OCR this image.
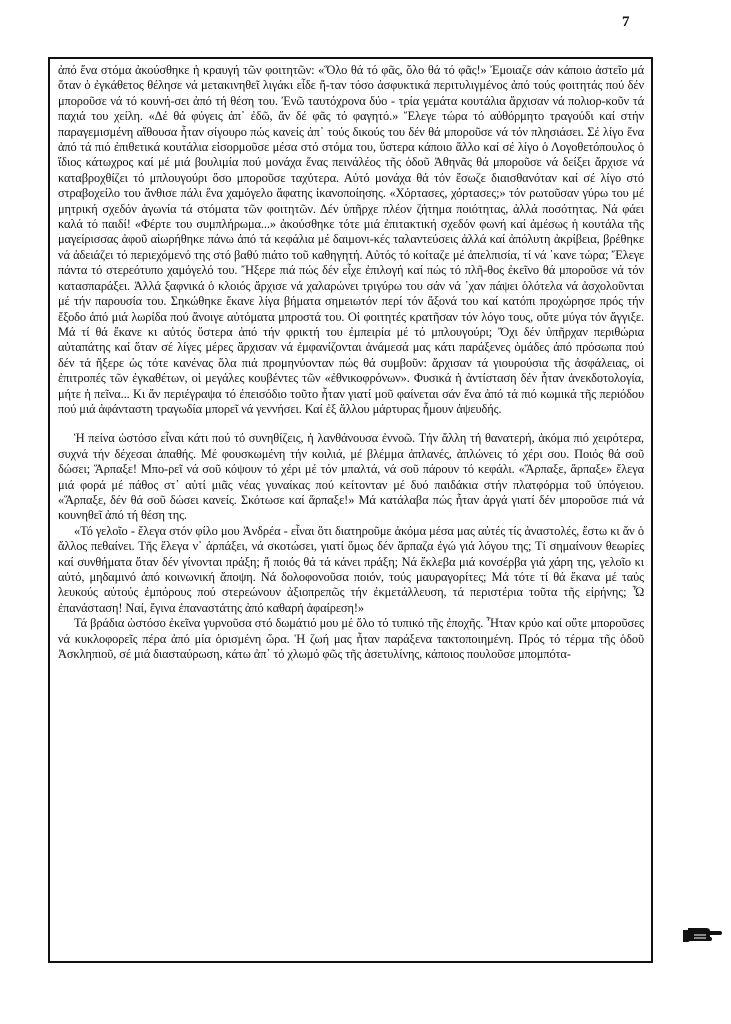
7

ἀπό ἕνα στόμα ἀκούσθηκε ἡ κραυγή τῶν φοιτητῶν: «Ὅλο θά τό φᾶς, ὅλο θά τό φᾶς!» Ἐμοιαζε σάν κάποιο ἀστεῖο μά ὅταν ὁ ἐγκάθετος θέλησε νά μετακινηθεῖ λιγάκι εἶδε ἤ-ταν τόσο ἀσφυκτικά περιτυλιγμένος ἀπό τούς φοιτητάς πού δέν μποροῦσε νά τό κουνή-σει ἀπό τή θέση του. Ἐνῶ ταυτόχρονα δύο - τρία γεμάτα κουτάλια ἄρχισαν νά πολιορ-κοῦν τά παχιά του χείλη. «Δέ θά φύγεις ἀπ᾽ ἐδῶ, ἄν δέ φᾶς τό φαγητό.» Ἔλεγε τώρα τό αὐθόρμητο τραγούδι καί στήν παραγεμισμένη αἴθουσα ἦταν σίγουρο πώς κανείς ἀπ᾽ τούς δικούς του δέν θά μποροῦσε νά τόν πλησιάσει. Σέ λίγο ἕνα ἀπό τά πιό ἐπιθετικά κουτάλια εἰσορμοῦσε μέσα στό στόμα του, ὕστερα κάποιο ἄλλο καί σέ λίγο ὁ Λογοθετόπουλος ὁ ἴδιος κάτωχρος καί μέ μιά βουλιμία πού μονάχα ἕνας πεινάλέος τῆς ὁδοῦ Ἀθηνᾶς θά μποροῦσε νά δείξει ἄρχισε νά καταβροχθίζει τό μπλουγούρι ὅσο μποροῦσε ταχύτερα. Αὐτό μονάχα θά τόν ἔσωζε διαισθανόταν καί σέ λίγο στό στραβοχείλο του ἄνθισε πάλι ἕνα χαμόγελο ἄφατης ἱκανοποίησης. «Χόρτασες, χόρτασες;» τόν ρωτοῦσαν γύρω του μέ μητρική σχεδόν ἀγωνία τά στόματα τῶν φοιτητῶν. Δέν ὑπῆρχε πλέον ζήτημα ποιότητας, ἀλλά ποσότητας. Νά φάει καλά τό παιδί! «Φέρτε του συμπλήρωμα...» ἀκούσθηκε τότε μιά ἐπιτακτική σχεδόν φωνή καί ἀμέσως ἡ κουτάλα τῆς μαγείρισσας ἀφοῦ αἰωρήθηκε πάνω ἀπό τά κεφάλια μέ δαιμονι-κές ταλαντεύσεις ἀλλά καί ἀπόλυτη ἀκρίβεια, βρέθηκε νά ἀδειάζει τό περιεχόμενό της στό βαθύ πιάτο τοῦ καθηγητή. Αὐτός τό κοίταζε μέ ἀπελπισία, τί νά ᾽κανε τώρα; Ἔλεγε πάντα τό στερεότυπο χαμόγελό του. Ἤξερε πιά πώς δέν εἶχε ἐπιλογή καί πώς τό πλῆ-θος ἐκεῖνο θά μποροῦσε νά τόν κατασπαράξει. Ἀλλά ξαφνικά ὁ κλοιός ἄρχισε νά χαλαρώνει τριγύρω του σάν νά ᾽χαν πάψει ὁλότελα νά ἀσχολοῦνται μέ τήν παρουσία του. Σηκώθηκε ἔκανε λίγα βήματα σημειωτόν περί τόν ἄξονά του καί κατόπι προχώρησε πρός τήν ἔξοδο ἀπό μιά λωρίδα πού ἄνοιγε αὐτόματα μπροστά του. Οἱ φοιτητές κρατῆσαν τόν λόγο τους, οὔτε μύγα τόν ἄγγιξε. Μά τί θά ἔκανε κι αὐτός ὕστερα ἀπό τήν φρικτή του ἐμπειρία μέ τό μπλουγούρι; Ὄχι δέν ὑπῆρχαν περιθώρια αὐταπάτης καί ὅταν σέ λίγες μέρες ἄρχισαν νά ἐμφανίζονται ἀνάμεσά μας κάτι παράξενες ὁμάδες ἀπό πρόσωπα πού δέν τά ἤξερε ὡς τότε κανένας ὅλα πιά προμηνύονταν πώς θά συμβοῦν: ἄρχισαν τά γιουρούσια τῆς ἀσφάλειας, οἱ ἐπιτροπές τῶν ἐγκαθέτων, οἱ μεγάλες κουβέντες τῶν «ἐθνικοφρόνων». Φυσικά ἡ ἀντίσταση δέν ἦταν ἀνεκδοτολογία, μήτε ἡ πεῖνα... Κι ἄν περιέγραψα τό ἐπεισόδιο τοῦτο ἦταν γιατί μοῦ φαίνεται σάν ἕνα ἀπό τά πιό κωμικά τῆς περιόδου πού μιά ἀφάνταστη τραγωδία μπορεῖ νά γεννήσει. Καί ἐξ ἄλλου μάρτυρας ἦμουν ἀψευδής.

Ἡ πείνα ὡστόσο εἶναι κάτι πού τό συνηθίζεις, ἡ λανθάνουσα ἐννοῶ. Τήν ἄλλη τή θανατερή, ἀκόμα πιό χειρότερα, συχνά τήν δέχεσαι ἀπαθής. Μέ φουσκωμένη τήν κοιλιά, μέ βλέμμα ἀπλανές, ἀπλώνεις τό χέρι σου. Ποιός θά σοῦ δώσει; Ἅρπαξε! Μπο-ρεῖ νά σοῦ κόψουν τό χέρι μέ τόν μπαλτά, νά σοῦ πάρουν τό κεφάλι. «Ἅρπαξε, ἅρπαξε» ἔλεγα μιά φορά μέ πάθος στ᾽ αὐτί μιᾶς νέας γυναίκας πού κείτονταν μέ δυό παιδάκια στήν πλατφόρμα τοῦ ὑπόγειου. «Ἅρπαξε, δέν θά σοῦ δώσει κανείς. Σκότωσε καί ἅρπαξε!» Μά κατάλαβα πώς ἦταν ἀργά γιατί δέν μποροῦσε πιά νά κουνηθεῖ ἀπό τή θέση της.

«Τό γελοῖο - ἔλεγα στόν φίλο μου Ἀνδρέα - εἶναι ὅτι διατηροῦμε ἀκόμα μέσα μας αὐτές τίς ἀναστολές, ἔστω κι ἄν ὁ ἄλλος πεθαίνει. Τῆς ἔλεγα ν᾽ ἁρπάξει, νά σκοτώσει, γιατί ὅμως δέν ἅρπαζα ἐγώ γιά λόγου της; Τί σημαίνουν θεωρίες καί συνθήματα ὅταν δέν γίνονται πράξη; ἤ ποιός θά τά κάνει πράξη; Νά ἔκλεβα μιά κονσέρβα γιά χάρη της, γελοῖο κι αὐτό, μηδαμινό ἀπό κοινωνική ἄποψη. Νά δολοφονοῦσα ποιόν, τούς μαυραγορίτες; Μά τότε τί θά ἔκανα μέ ταὐς λευκούς αὐτούς ἐμπόρους πού στερεώνουν ἀξιοπρεπῶς τήν ἐκμετάλλευση, τά περιστέρια τοῦτα τῆς εἰρήνης; Ὦ ἐπανάσταση! Ναί, ἔγινα ἐπαναστάτης ἀπό καθαρή ἀφαίρεση!»

Τά βράδια ὡστόσο ἐκεῖνα γυρνοῦσα στό δωμάτιό μου μέ ὅλο τό τυπικό τῆς ἐποχῆς. Ἦταν κρύο καί οὔτε μποροῦσες νά κυκλοφορεῖς πέρα ἀπό μία ὁρισμένη ὥρα. Ἡ ζωή μας ἦταν παράξενα τακτοποιημένη. Πρός τό τέρμα τῆς ὁδοῦ Ἀσκληπιοῦ, σέ μιά διασταύρωση, κάτω ἀπ᾽ τό χλωμό φῶς τῆς ἀσετυλίνης, κάποιος πουλοῦσε μπομπότα-
